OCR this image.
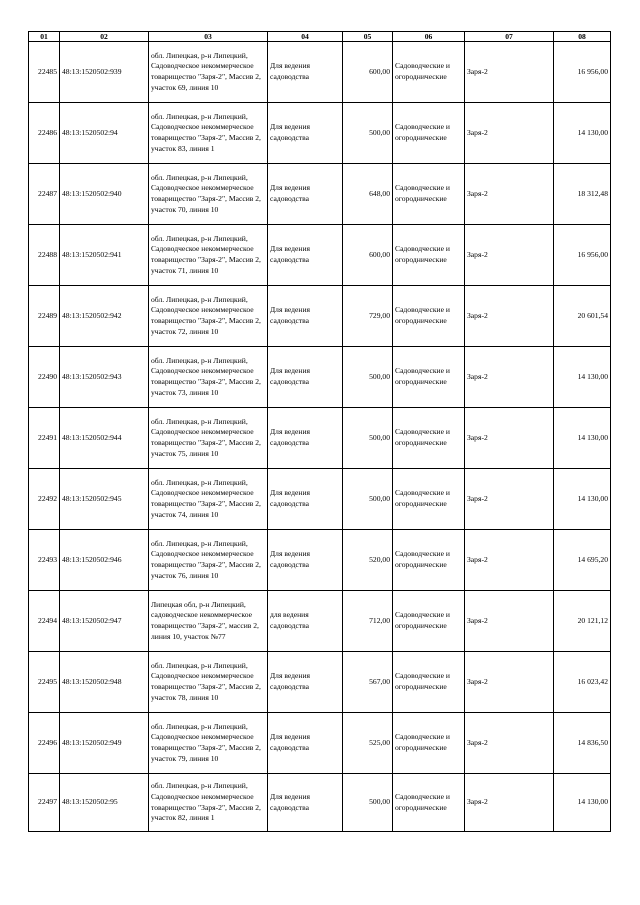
01	02	03	04	05	06	07	08
22485	48:13:1520502:939	обл. Липецкая, р-н Липецкий, Садоводческое некоммерческое товарищество "Заря-2", Массив 2, участок 69, линия 10	Для ведения садоводства	600,00	Садоводческие и огороднические	Заря-2	16 956,00
22486	48:13:1520502:94	обл. Липецкая, р-н Липецкий, Садоводческое некоммерческое товарищество "Заря-2", Массив 2, участок 83, линия 1	Для ведения садоводства	500,00	Садоводческие и огороднические	Заря-2	14 130,00
22487	48:13:1520502:940	обл. Липецкая, р-н Липецкий, Садоводческое некоммерческое товарищество "Заря-2", Массив 2, участок 70, линия 10	Для ведения садоводства	648,00	Садоводческие и огороднические	Заря-2	18 312,48
22488	48:13:1520502:941	обл. Липецкая, р-н Липецкий, Садоводческое некоммерческое товарищество "Заря-2", Массив 2, участок 71, линия 10	Для ведения садоводства	600,00	Садоводческие и огороднические	Заря-2	16 956,00
22489	48:13:1520502:942	обл. Липецкая, р-н Липецкий, Садоводческое некоммерческое товарищество "Заря-2", Массив 2, участок 72, линия 10	Для ведения садоводства	729,00	Садоводческие и огороднические	Заря-2	20 601,54
22490	48:13:1520502:943	обл. Липецкая, р-н Липецкий, Садоводческое некоммерческое товарищество "Заря-2", Массив 2, участок 73, линия 10	Для ведения садоводства	500,00	Садоводческие и огороднические	Заря-2	14 130,00
22491	48:13:1520502:944	обл. Липецкая, р-н Липецкий, Садоводческое некоммерческое товарищество "Заря-2", Массив 2, участок 75, линия 10	Для ведения садоводства	500,00	Садоводческие и огороднические	Заря-2	14 130,00
22492	48:13:1520502:945	обл. Липецкая, р-н Липецкий, Садоводческое некоммерческое товарищество "Заря-2", Массив 2, участок 74, линия 10	Для ведения садоводства	500,00	Садоводческие и огороднические	Заря-2	14 130,00
22493	48:13:1520502:946	обл. Липецкая, р-н Липецкий, Садоводческое некоммерческое товарищество "Заря-2", Массив 2, участок 76, линия 10	Для ведения садоводства	520,00	Садоводческие и огороднические	Заря-2	14 695,20
22494	48:13:1520502:947	Липецкая обл, р-н Липецкий, садоводческое некоммерческое товарищество "Заря-2", массив 2, линия 10, участок №77	для ведения садоводства	712,00	Садоводческие и огороднические	Заря-2	20 121,12
22495	48:13:1520502:948	обл. Липецкая, р-н Липецкий, Садоводческое некоммерческое товарищество "Заря-2", Массив 2, участок 78, линия 10	Для ведения садоводства	567,00	Садоводческие и огороднические	Заря-2	16 023,42
22496	48:13:1520502:949	обл. Липецкая, р-н Липецкий, Садоводческое некоммерческое товарищество "Заря-2", Массив 2, участок 79, линия 10	Для ведения садоводства	525,00	Садоводческие и огороднические	Заря-2	14 836,50
22497	48:13:1520502:95	обл. Липецкая, р-н Липецкий, Садоводческое некоммерческое товарищество "Заря-2", Массив 2, участок 82, линия 1	Для ведения садоводства	500,00	Садоводческие и огороднические	Заря-2	14 130,00
